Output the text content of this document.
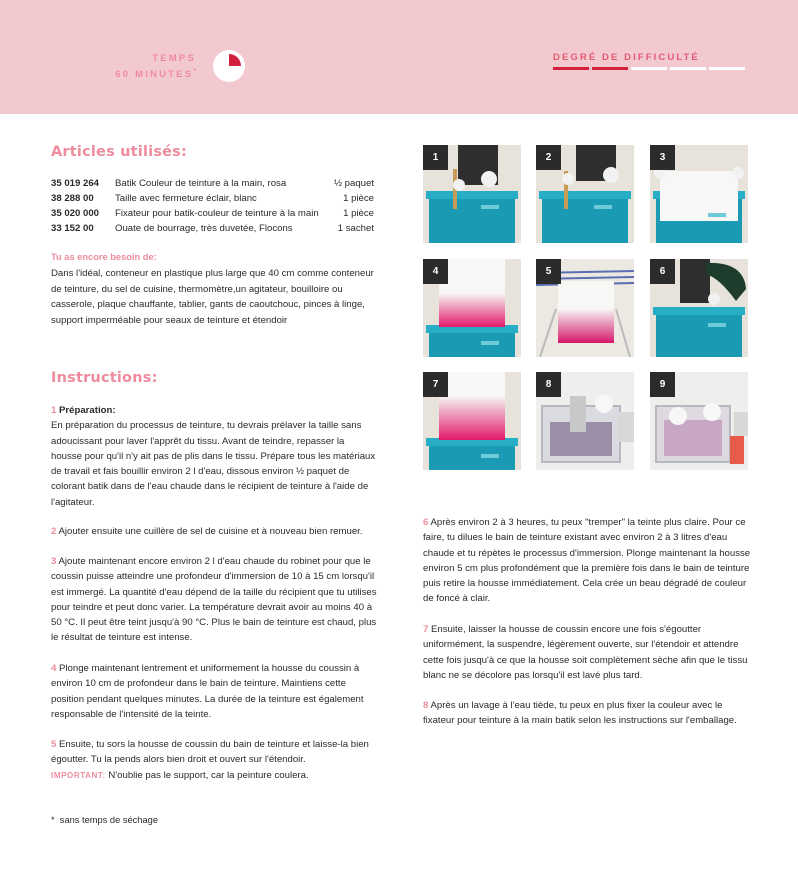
TEMPS
60 MINUTES*
DEGRÉ DE DIFFICULTÉ
Articles utilisés:
35 019 264	Batik Couleur de teinture à la main, rosa	½ paquet
38 288 00	Taille avec fermeture éclair, blanc	1 pièce
35 020 000	Fixateur pour batik-couleur de teinture à la main	1 pièce
33 152 00	Ouate de bourrage, très duvetée, Flocons	1 sachet
Tu as encore besoin de:
Dans l'idéal, conteneur en plastique plus large que 40 cm comme conteneur de teinture, du sel de cuisine, thermomètre,un agitateur, bouilloire ou casserole, plaque chauffante, tablier, gants de caoutchouc, pinces à linge, support imperméable pour seaux de teinture et étendoir
Instructions:
1 Préparation:
En préparation du processus de teinture, tu devrais prélaver la taille sans adoucissant pour laver l'apprêt du tissu. Avant de teindre, repasser la housse pour qu'il n'y ait pas de plis dans le tissu. Prépare tous les matériaux de travail et fais bouillir environ 2 l d'eau, dissous environ ½ paquet de colorant batik dans de l'eau chaude dans le récipient de teinture à l'aide de l'agitateur.
2 Ajouter ensuite une cuillère de sel de cuisine et à nouveau bien remuer.
3 Ajoute maintenant encore environ 2 l d'eau chaude du robinet pour que le coussin puisse atteindre une profondeur d'immersion de 10 à 15 cm lorsqu'il est immergé. La quantité d'eau dépend de la taille du récipient que tu utilises pour teindre et peut donc varier. La température devrait avoir au moins 40 à 50 °C. Il peut être teint jusqu'à 90 °C. Plus le bain de teinture est chaud, plus le résultat de teinture est intense.
4 Plonge maintenant lentrement et uniformement la housse du coussin à environ 10 cm de profondeur dans le bain de teinture. Maintiens cette position pendant quelques minutes. La durée de la teinture est également responsable de l'intensité de la teinte.
5 Ensuite, tu sors la housse de coussin du bain de teinture et laisse-la bien égoutter. Tu la pends alors bien droit et ouvert sur l'étendoir.
IMPORTANT: N'oublie pas le support, car la peinture coulera.
* sans temps de séchage
6 Après environ 2 à 3 heures, tu peux "tremper" la teinte plus claire. Pour ce faire, tu dilues le bain de teinture existant avec environ 2 à 3 litres d'eau chaude et tu répètes le processus d'immersion. Plonge maintenant la housse environ 5 cm plus profondément que la première fois dans le bain de teinture puis retire la housse immédiatement. Cela crée un beau dégradé de couleur de foncé à clair.
7 Ensuite, laisser la housse de coussin encore une fois s'égoutter uniformément, la suspendre, légèrement ouverte, sur l'étendoir et attendre cette fois jusqu'à ce que la housse soit complètement sèche afin que le tissu blanc ne se décolore pas lorsqu'il est lavé plus tard.
8 Après un lavage à l'eau tiède, tu peux en plus fixer la couleur avec le fixateur pour teinture à la main batik selon les instructions sur l'emballage.
1	2	3
4	5	6
7	8	9
